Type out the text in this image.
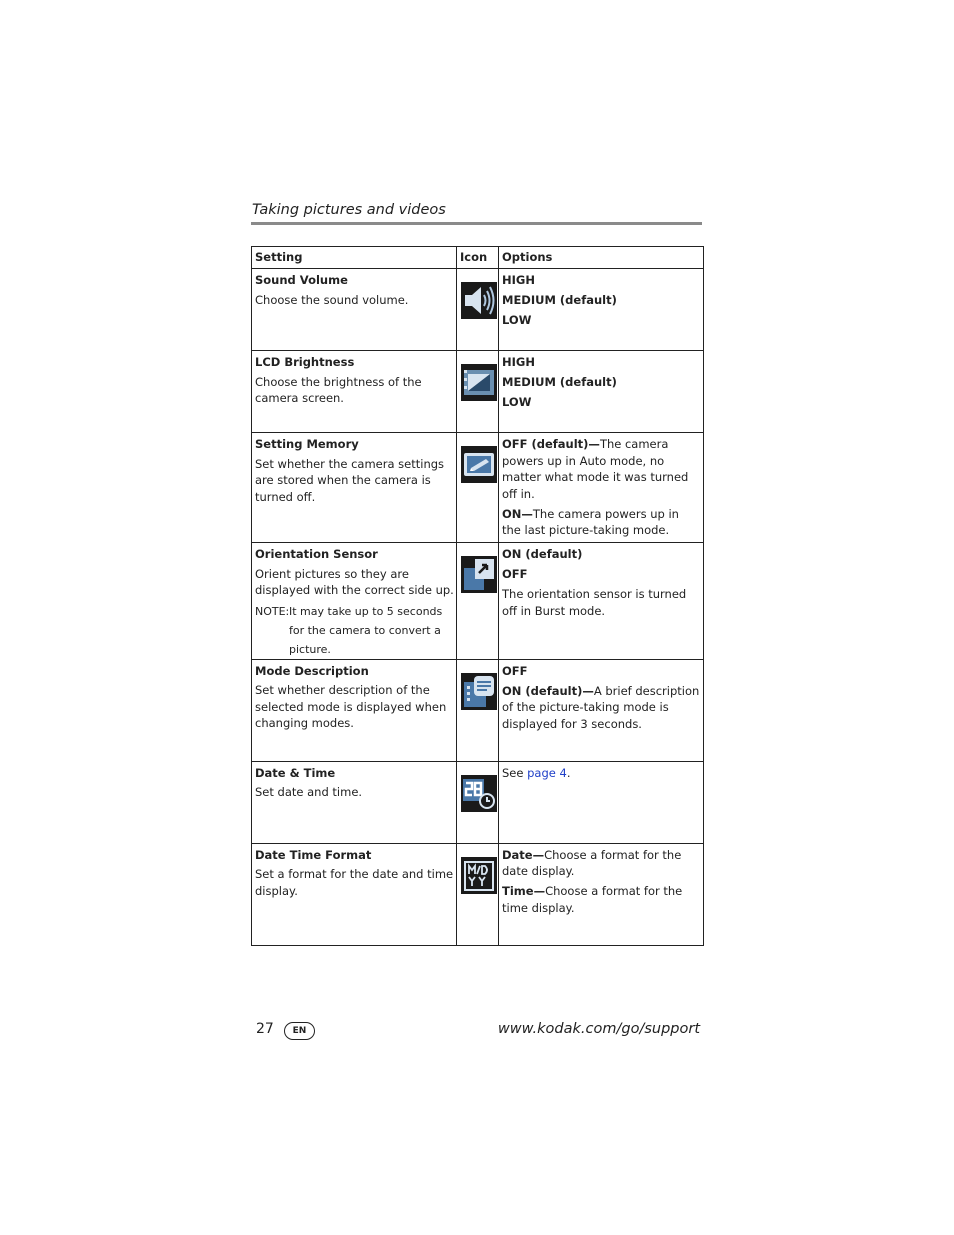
Taking pictures and videos
Setting	Icon	Options

Sound Volume
Choose the sound volume.		HIGH
MEDIUM (default)
LOW

LCD Brightness
Choose the brightness of the camera screen.		HIGH
MEDIUM (default)
LOW

Setting Memory
Set whether the camera settings are stored when the camera is turned off.		OFF (default)—The camera powers up in Auto mode, no matter what mode it was turned off in.
ON—The camera powers up in the last picture-taking mode.

Orientation Sensor
Orient pictures so they are displayed with the correct side up.
NOTE: It may take up to 5 seconds for the camera to convert a picture.		ON (default)
OFF
The orientation sensor is turned off in Burst mode.

Mode Description
Set whether description of the selected mode is displayed when changing modes.		OFF
ON (default)—A brief description of the picture-taking mode is displayed for 3 seconds.

Date & Time
Set date and time.		See page 4.

Date Time Format
Set a format for the date and time display.		Date—Choose a format for the date display.
Time—Choose a format for the time display.
27	EN	www.kodak.com/go/support
